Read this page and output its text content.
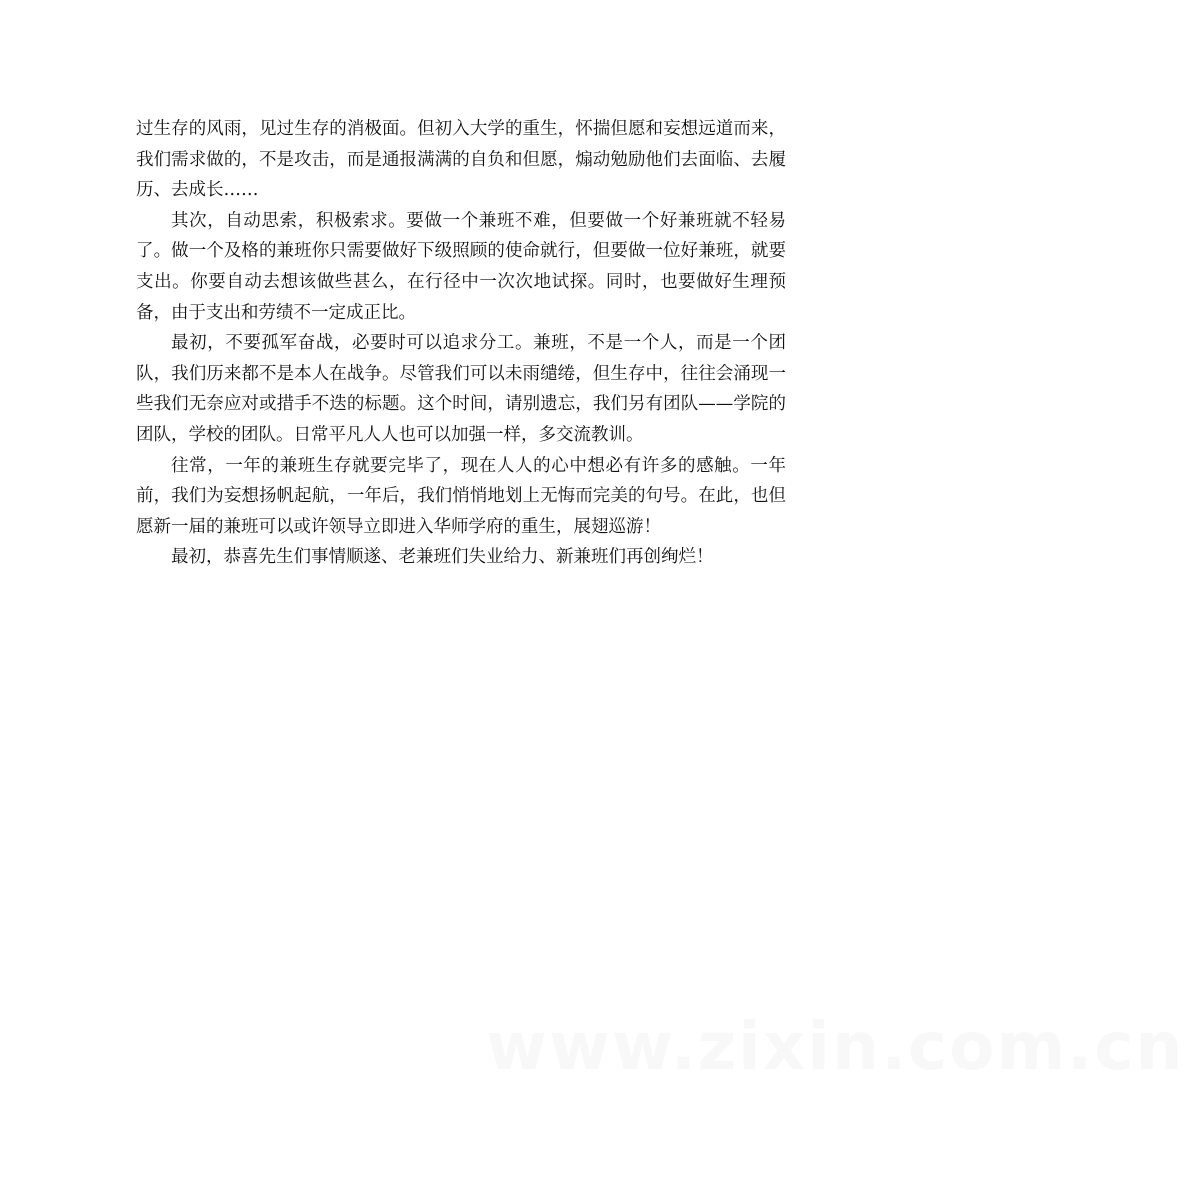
过生存的风雨，见过生存的消极面。但初入大学的重生，怀揣但愿和妄想远道而来，我们需求做的，不是攻击，而是通报满满的自负和但愿，煽动勉励他们去面临、去履历、去成长……

其次，自动思索，积极索求。要做一个兼班不难，但要做一个好兼班就不轻易了。做一个及格的兼班你只需要做好下级照顾的使命就行，但要做一位好兼班，就要支出。你要自动去想该做些甚么，在行径中一次次地试探。同时，也要做好生理预备，由于支出和劳绩不一定成正比。

最初，不要孤军奋战，必要时可以追求分工。兼班，不是一个人，而是一个团队，我们历来都不是本人在战争。尽管我们可以未雨缱绻，但生存中，往往会涌现一些我们无奈应对或措手不迭的标题。这个时间，请别遗忘，我们另有团队——学院的团队，学校的团队。日常平凡人人也可以加强一样，多交流教训。

往常，一年的兼班生存就要完毕了，现在人人的心中想必有许多的感触。一年前，我们为妄想扬帆起航，一年后，我们悄悄地划上无悔而完美的句号。在此，也但愿新一届的兼班可以或许领导立即进入华师学府的重生，展翅巡游！

最初，恭喜先生们事情顺遂、老兼班们失业给力、新兼班们再创绚烂！

www.zixin.com.cn
